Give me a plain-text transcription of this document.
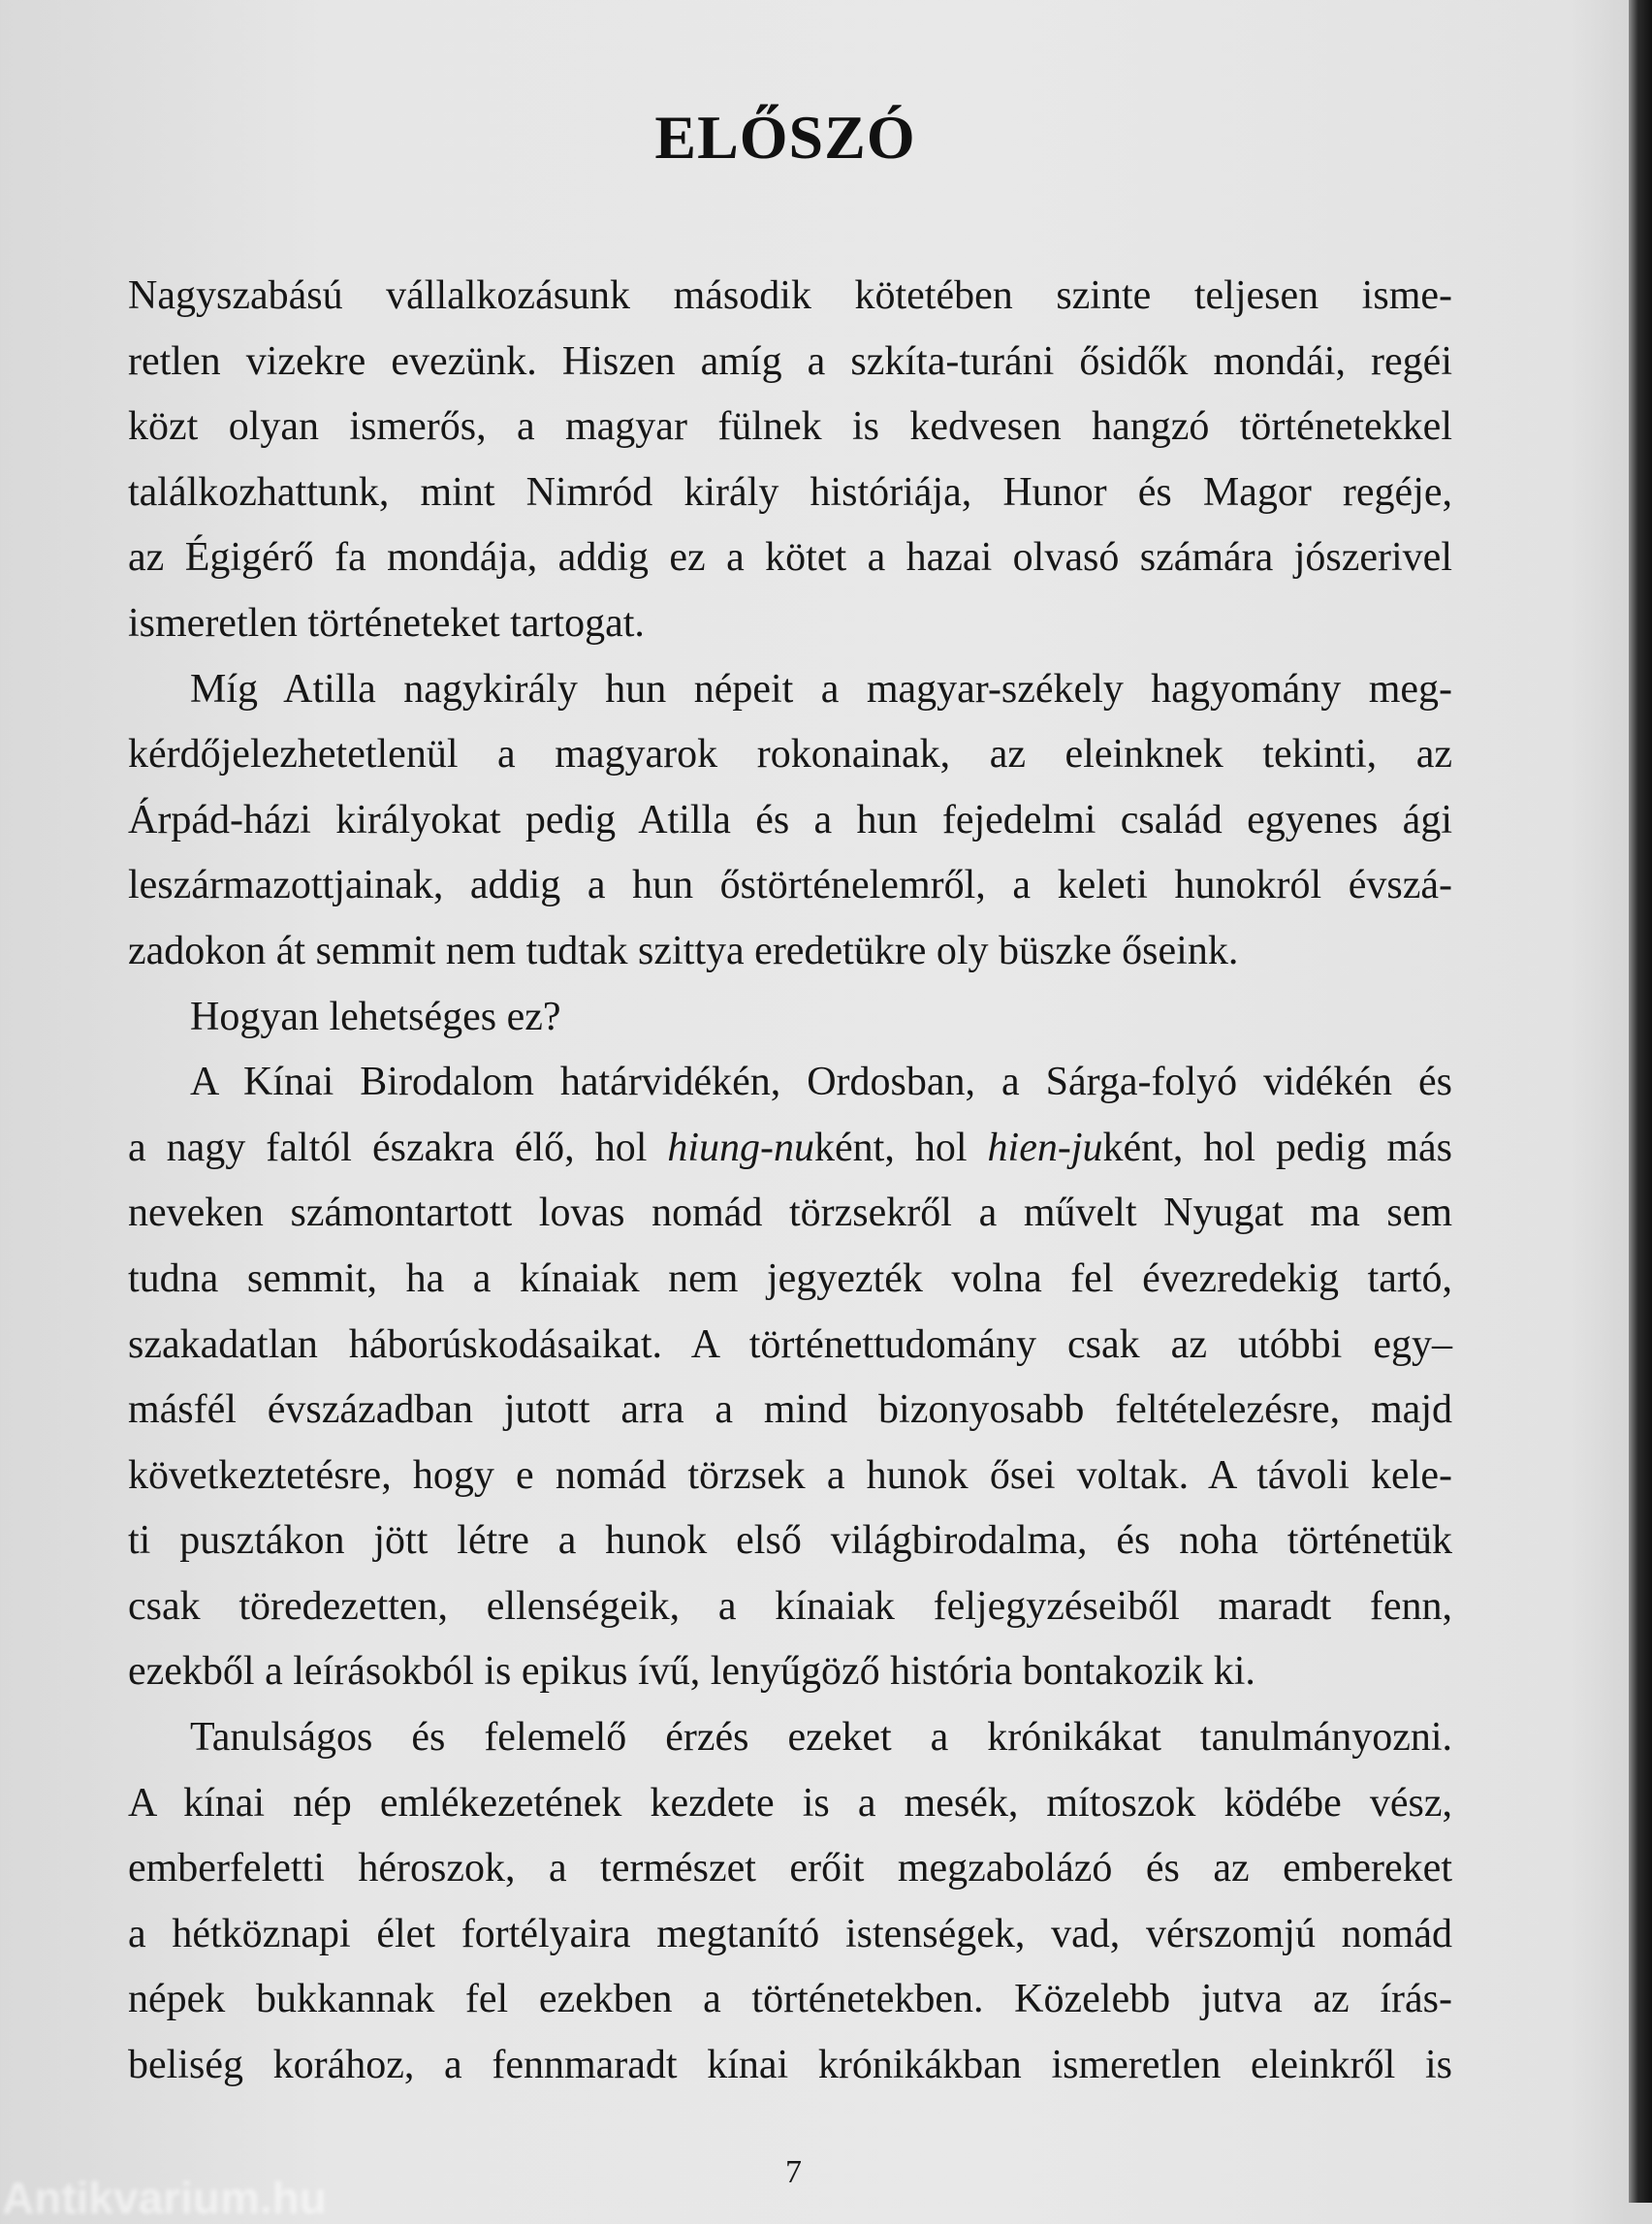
ELŐSZÓ
Nagyszabású vállalkozásunk második kötetében szinte teljesen isme-
retlen vizekre evezünk. Hiszen amíg a szkíta-turáni ősidők mondái, regéi
közt olyan ismerős, a magyar fülnek is kedvesen hangzó történetekkel
találkozhattunk, mint Nimród király históriája, Hunor és Magor regéje,
az Égigérő fa mondája, addig ez a kötet a hazai olvasó számára jószerivel
ismeretlen történeteket tartogat.
Míg Atilla nagykirály hun népeit a magyar-székely hagyomány meg-
kérdőjelezhetetlenül a magyarok rokonainak, az eleinknek tekinti, az
Árpád-házi királyokat pedig Atilla és a hun fejedelmi család egyenes ági
leszármazottjainak, addig a hun őstörténelemről, a keleti hunokról évszá-
zadokon át semmit nem tudtak szittya eredetükre oly büszke őseink.
Hogyan lehetséges ez?
A Kínai Birodalom határvidékén, Ordosban, a Sárga-folyó vidékén és
a nagy faltól északra élő, hol hiung-nuként, hol hien-juként, hol pedig más
neveken számontartott lovas nomád törzsekről a művelt Nyugat ma sem
tudna semmit, ha a kínaiak nem jegyezték volna fel évezredekig tartó,
szakadatlan háborúskodásaikat. A történettudomány csak az utóbbi egy–
másfél évszázadban jutott arra a mind bizonyosabb feltételezésre, majd
következtetésre, hogy e nomád törzsek a hunok ősei voltak. A távoli kele-
ti pusztákon jött létre a hunok első világbirodalma, és noha történetük
csak töredezetten, ellenségeik, a kínaiak feljegyzéseiből maradt fenn,
ezekből a leírásokból is epikus ívű, lenyűgöző história bontakozik ki.
Tanulságos és felemelő érzés ezeket a krónikákat tanulmányozni.
A kínai nép emlékezetének kezdete is a mesék, mítoszok ködébe vész,
emberfeletti héroszok, a természet erőit megzabolázó és az embereket
a hétköznapi élet fortélyaira megtanító istenségek, vad, vérszomjú nomád
népek bukkannak fel ezekben a történetekben. Közelebb jutva az írás-
beliség korához, a fennmaradt kínai krónikákban ismeretlen eleinkről is
7
Antikvarium.hu
